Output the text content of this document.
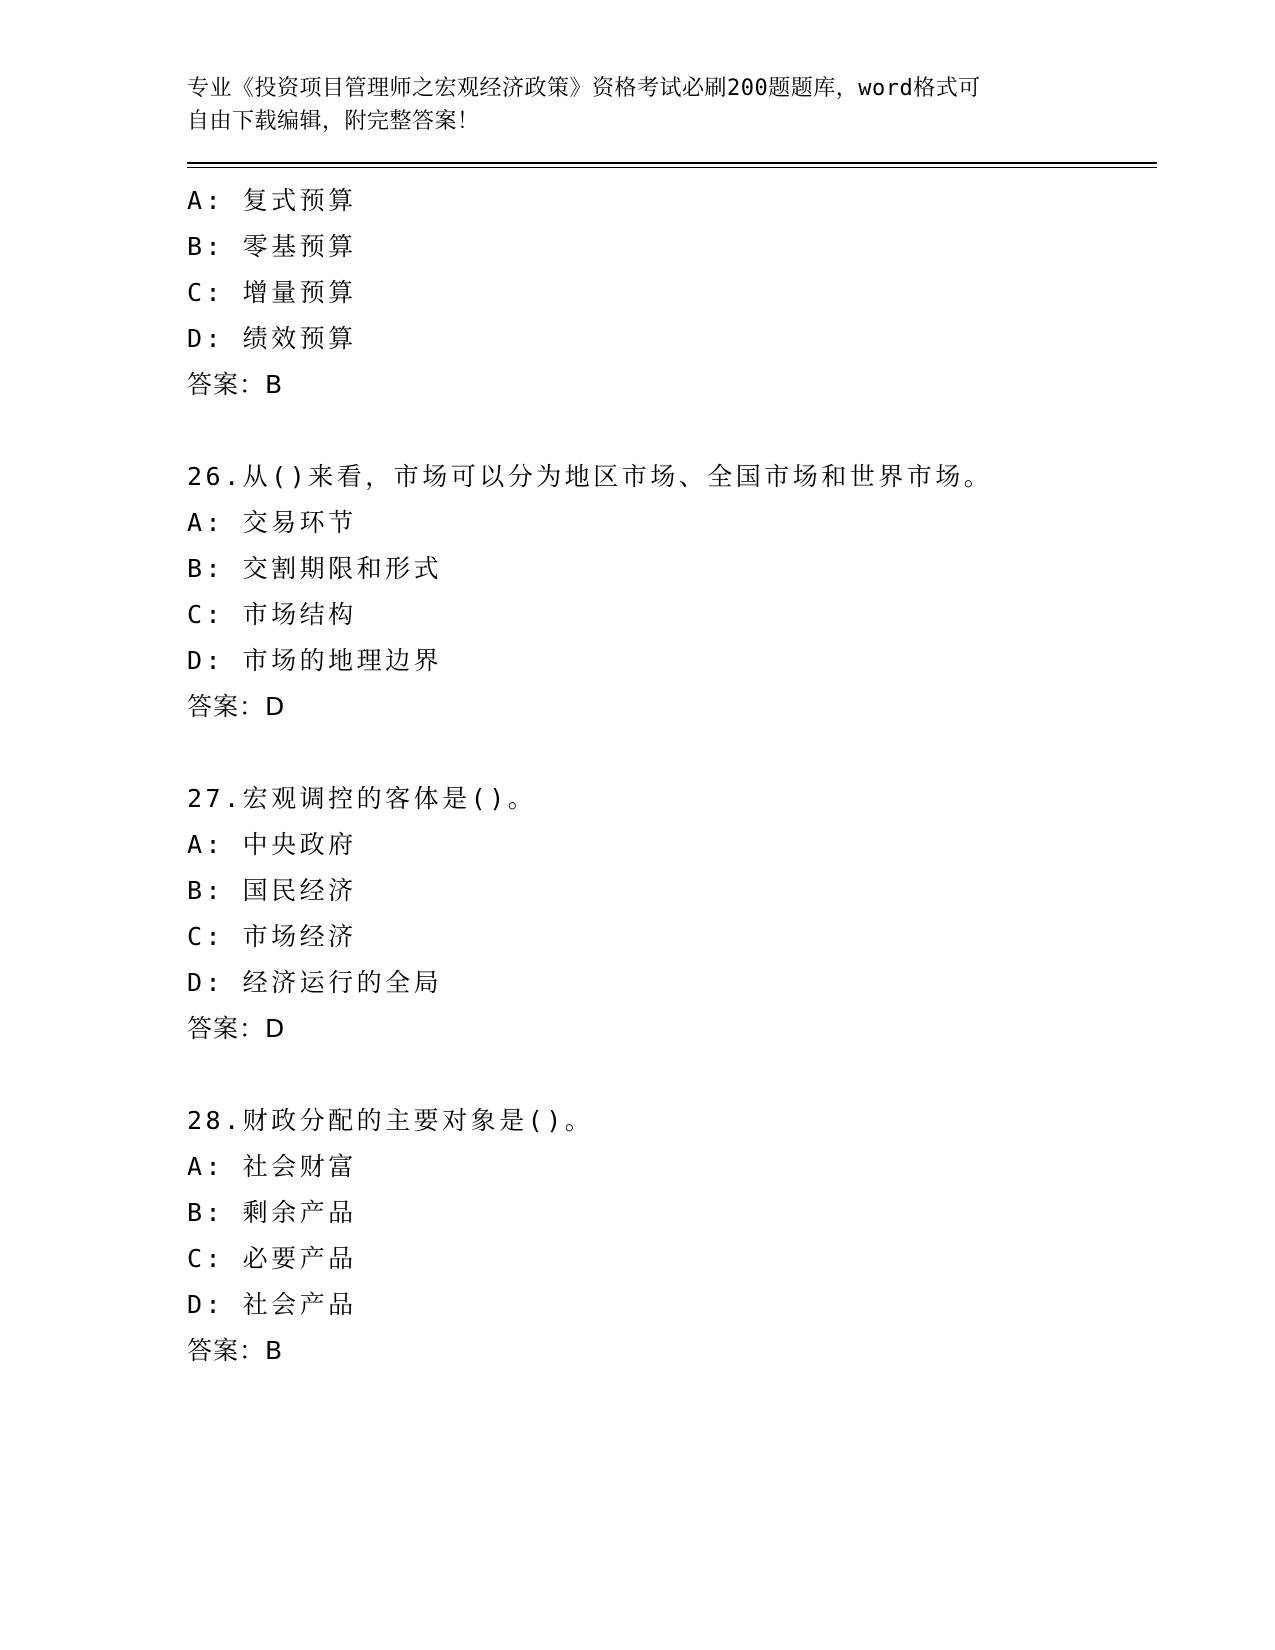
专业《投资项目管理师之宏观经济政策》资格考试必刷200题题库，word格式可
自由下载编辑，附完整答案！
A: 复式预算
B: 零基预算
C: 增量预算
D: 绩效预算
答案：B
26.从()来看，市场可以分为地区市场、全国市场和世界市场。
A: 交易环节
B: 交割期限和形式
C: 市场结构
D: 市场的地理边界
答案：D
27.宏观调控的客体是()。
A: 中央政府
B: 国民经济
C: 市场经济
D: 经济运行的全局
答案：D
28.财政分配的主要对象是()。
A: 社会财富
B: 剩余产品
C: 必要产品
D: 社会产品
答案：B
